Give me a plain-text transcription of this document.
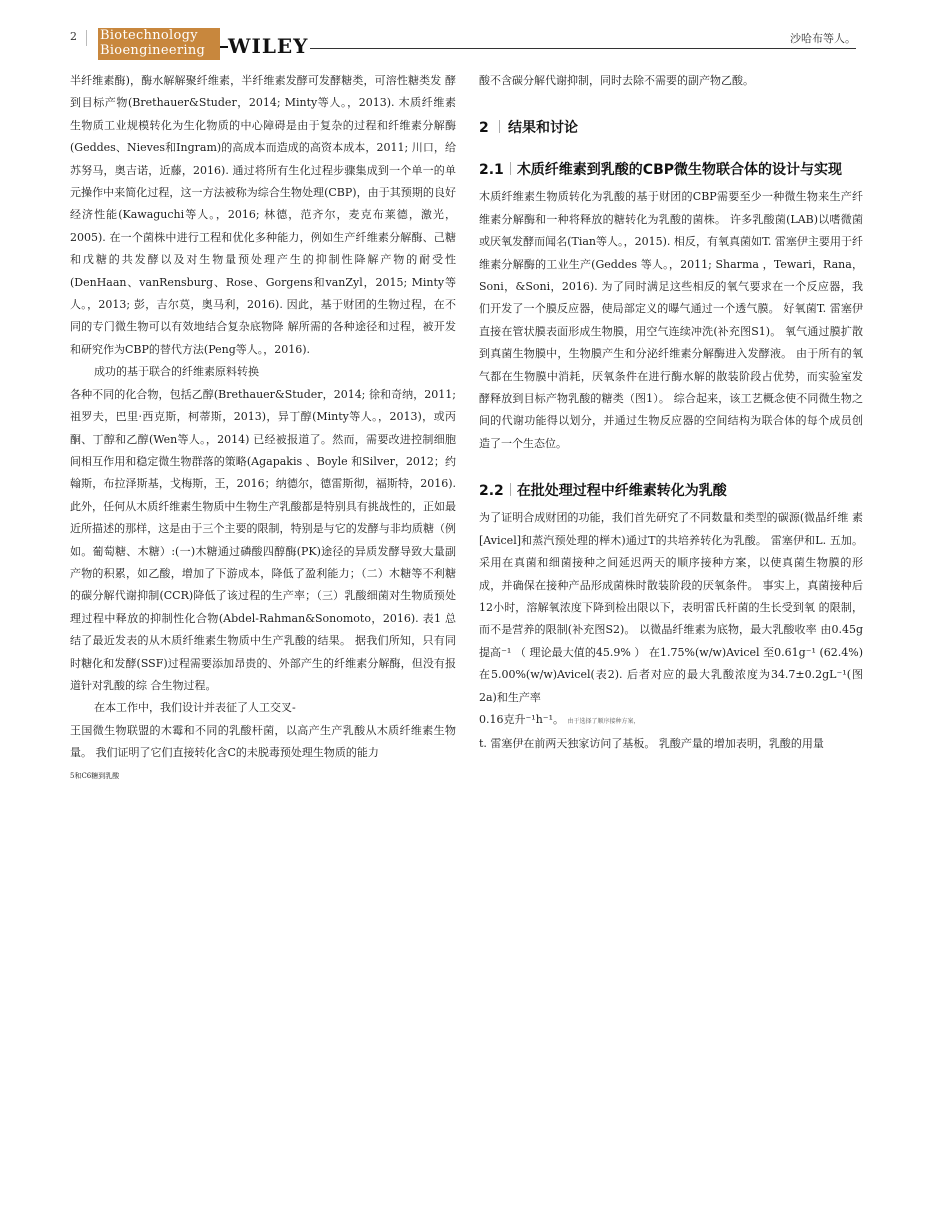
2 Biotechnology
Bioengineering	WILEY	沙哈布等人。

半纤维素酶)，酶水解解聚纤维素，半纤维素发酵可发酵糖类，可溶性糖类发 酵到目标产物(Brethauer&Studer，2014; Minty等人。，2013). 木质纤维素生物质工业规模转化为生化物质的中心障碍是由于复杂的过程和纤维素分解酶(Geddes、Nieves和Ingram)的高成本而造成的高资本成本，2011; 川口，给苏努马，奥吉诺，近藤，2016). 通过将所有生化过程步骤集成到一个单一的单元操作中来简化过程，这一方法被称为综合生物处理(CBP)，由于其预期的良好经济性能(Kawaguchi等人。，2016; 林德，范齐尔，麦克布莱德，激光，2005). 在一个菌株中进行工程和优化多种能力，例如生产纤维素分解酶、己糖和戊糖的共发酵以及对生物量预处理产生的抑制性降解产物的耐受性(DenHaan、vanRensburg、Rose、Gorgens和vanZyl，2015; Minty等人。，2013; 彭，吉尔莫，奥马利，2016). 因此，基于财团的生物过程，在不同的专门微生物可以有效地结合复杂底物降 解所需的各种途径和过程，被开发和研究作为CBP的替代方法(Peng等人。，2016).

成功的基于联合的纤维素原料转换

各种不同的化合物，包括乙醇(Brethauer&Studer，2014; 徐和奇纳，2011; 祖罗夫，巴里·西克斯，柯蒂斯，2013)，异丁醇(Minty等人。，2013)，或丙酮、丁醇和乙醇(Wen等人。，2014) 已经被报道了。然而，需要改进控制细胞间相互作用和稳定微生物群落的策略(Agapakis 、Boyle 和Silver，2012；约翰斯，布拉泽斯基，戈梅斯，王，2016；纳德尔，德雷斯彻，福斯特，2016). 此外，任何从木质纤维素生物质中生物生产乳酸都是特别具有挑战性的，正如最近所描述的那样，这是由于三个主要的限制，特别是与它的发酵与非均质糖（例如。葡萄糖、木糖）:(一)木糖通过磷酸四醇酶(PK)途径的异质发酵导致大量副产物的积累，如乙酸，增加了下游成本，降低了盈利能力；（二）木糖等不利糖的碳分解代谢抑制(CCR)降低了该过程的生产率；（三）乳酸细菌对生物质预处理过程中释放的抑制性化合物(Abdel-Rahman&Sonomoto，2016). 表1 总结了最近发表的从木质纤维素生物质中生产乳酸的结果。 据我们所知，只有同时糖化和发酵(SSF)过程需要添加昂贵的、外部产生的纤维素分解酶，但没有报道针对乳酸的综 合生物过程。

在本工作中，我们设计并表征了人工交叉-

王国微生物联盟的木霉和不同的乳酸杆菌，以高产生产乳酸从木质纤维素生物量。 我们证明了它们直接转化含C的未脱毒预处理生物质的能力

5和C6糖到乳酸

酸不含碳分解代谢抑制，同时去除不需要的副产物乙酸。

2 结果和讨论
2.1 木质纤维素到乳酸的CBP微生物联合体的设计与实现

木质纤维素生物质转化为乳酸的基于财团的CBP需要至少一种微生物来生产纤维素分解酶和一种将释放的糖转化为乳酸的菌株。 许多乳酸菌(LAB)以嗜微菌或厌氧发酵而闻名(Tian等人。，2015). 相反，有氧真菌如T. 雷塞伊主要用于纤维素分解酶的工业生产(Geddes 等人。，2011; Sharma ，Tewari，Rana，Soni，&Soni，2016). 为了同时满足这些相反的氧气要求在一个反应器，我们开发了一个膜反应器，使局部定义的曝气通过一个透气膜。 好氧菌T. 雷塞伊直接在管状膜表面形成生物膜，用空气连续冲洗(补充图S1)。 氧气通过膜扩散到真菌生物膜中，生物膜产生和分泌纤维素分解酶进入发酵液。 由于所有的氧气都在生物膜中消耗，厌氧条件在进行酶水解的散装阶段占优势，而实验室发酵释放到目标产物乳酸的糖类（图1）。 综合起来，该工艺概念使不同微生物之间的代谢功能得以划分，并通过生物反应器的空间结构为联合体的每个成员创造了一个生态位。

2.2 在批处理过程中纤维素转化为乳酸

为了证明合成财团的功能，我们首先研究了不同数量和类型的碳源(微晶纤维 素[Avicel]和蒸汽预处理的榉木)通过T的共培养转化为乳酸。 雷塞伊和L. 五加。采用在真菌和细菌接种之间延迟两天的顺序接种方案，以使真菌生物膜的形成，并确保在接种产品形成菌株时散装阶段的厌氧条件。 事实上，真菌接种后12小时，溶解氧浓度下降到检出限以下，表明雷氏杆菌的生长受到氧 的限制，而不是营养的限制(补充图S2)。 以微晶纤维素为底物，最大乳酸收率 由0.45g提高⁻¹ （ 理论最大值的45.9% ） 在1.75%(w/w)Avicel 至0.61g⁻¹ (62.4%) 在5.00%(w/w)Avicel(表2). 后者对应的最大乳酸浓度为34.7±0.2gL⁻¹(图2a)和生产率

0.16克升⁻¹h⁻¹。 由于选择了顺序接种方案，

t. 雷塞伊在前两天独家访问了基板。 乳酸产量的增加表明，乳酸的用量
